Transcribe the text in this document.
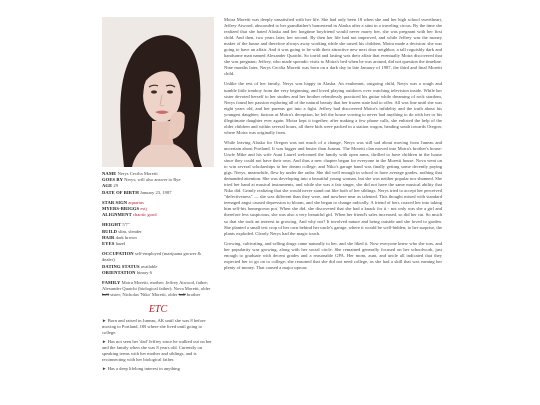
NAME Nerys Cecilia Moretti
GOES BY Nerys; will also answer to Rye
AGE 29
DATE OF BIRTH January 23, 1987
STAR SIGN aquarius
MYERS-BRIGGS estj
ALIGNMENT chaotic good
HEIGHT 5'7"
BUILD slim, slender
HAIR dark brown
EYES hazel
OCCUPATION self-employed (marijuana grower & dealer)
DATING STATUS available
ORIENTATION binary 6
FAMILY Moira Moretti, mother; Jeffrey Atwood, father; Alexander Quatchi (biological father); Nova Moretti, older half sister; Nicholas 'Niko' Moretti, older half brother
ETC
► Born and raised in Juneau, AK until she was 8 before moving to Portland, OR where she lived until going to college.
► Has not seen her 'dad' Jeffrey since he walked out on her and the family when she was 8 years old. Currently on speaking terms with her mother and siblings, and is reconnecting with her biological father.
► Has a deep lifelong interest in anything

Moira Moretti was deeply unsatisfied with her life. She had only been 18 when she and her high school sweetheart, Jeffrey Atwood, absconded to her grandfather's homestead in Alaska after a stint in a traveling circus. By the time she realized that she hated Alaska and her longtime boyfriend would never marry her, she was pregnant with her first child. And then, two years later, her second. By then her life had not improved, and while Jeffrey was the money maker of the house and therefore always away working while she raised his children, Moira made a decision: she was going to have an affair. And it was going to be with their attractive new next door neighbor, a tall roguishly dark and handsome man named Alexander Quatchi. So torrid and lasting was their affair that eventually Moira discovered that she was pregnant; Jeffrey, who made sporadic visits to Moira's bed when he was around, did not question the timeline. Nine months later, Nerys Cecilia Moretti was born on a dark day in late January of 1987, the third and final Moretti child.

Unlike the rest of her family, Nerys was happy in Alaska. An exuberant, outgoing child, Nerys was a rough and tumble little tomboy from the very beginning, and loved playing outdoors over watching television inside. While her sister devoted herself to her studies and her brother relentlessly practiced his guitar while dreaming of rock stardom, Nerys found her passion exploring all of the natural beauty that her frozen state had to offer. All was fine until she was eight years old, and her parents got into a fight. Jeffrey had discovered Moira's infidelity and the truth about his youngest daughter; furious at Moira's deception, he left the house vowing to never had anything to do with her or his illegitimate daughter ever again. Moira kept it together; after making a few phone calls, she enlisted the help of the older children and within several hours, all three kids were packed in a station wagon, heading south towards Oregon, where Moira was originally from.

While leaving Alaska for Oregon was not much of a change, Nerys was still sad about moving from Juneau and uncertain about Portland. It was bigger and busier than Juneau. The Moretti clan moved into Moira's brother's house: Uncle Mike and his wife Aunt Laurel welcomed the family with open arms, thrilled to have children in the house since they could not have their own. And thus a new chapter began for everyone in the Moretti house. Nova went on to win several scholarships to her dream college, and Niko's garage band was finally getting some decently paying gigs. Nerys, meanwhile, flew by under the radar. She did well enough in school to have average grades, nothing that demanded attention. She was developing into a beautiful young woman, but she was neither popular nor shunned. She tried her hand at musical instruments, and while she was a fair singer, she did not have the same musical ability that Niko did. Grimly realizing that she would never stand out like both of her siblings, Nerys tried to accept her perceived "defectiveness" — she was different than they were, and nowhere near as talented. This thought mixed with standard teenaged angst caused depression to bloom, and she began to change radically. A friend of hers coaxed her into taking him self-his homegrown pot. When she did, she discovered that she had a knack for it - not only was she a girl and therefore less suspicious, she was also a very beautiful girl. When her friend's sales increased, so did her cut. So much so that she took an interest in growing. And why not? It involved nature and being outside and she loved to garden. She planted a small test crop of her own behind her uncle's garage, where it would be well-hidden; to her surprise, the plants exploded. Clearly Nerys had the magic touch.

Growing, cultivating, and selling drugs came naturally to her, and she liked it. Now everyone knew who she was, and her popularity was growing, along with her social circle. She remained generally focused on her schoolwork, just enough to graduate with decent grades and a reasonable GPA. Her mom, aunt, and uncle all indicated that they expected her to go on to college; she reasoned that she did not need college, as she had a skill that was earning her plenty of money. That caused a major uproar;
